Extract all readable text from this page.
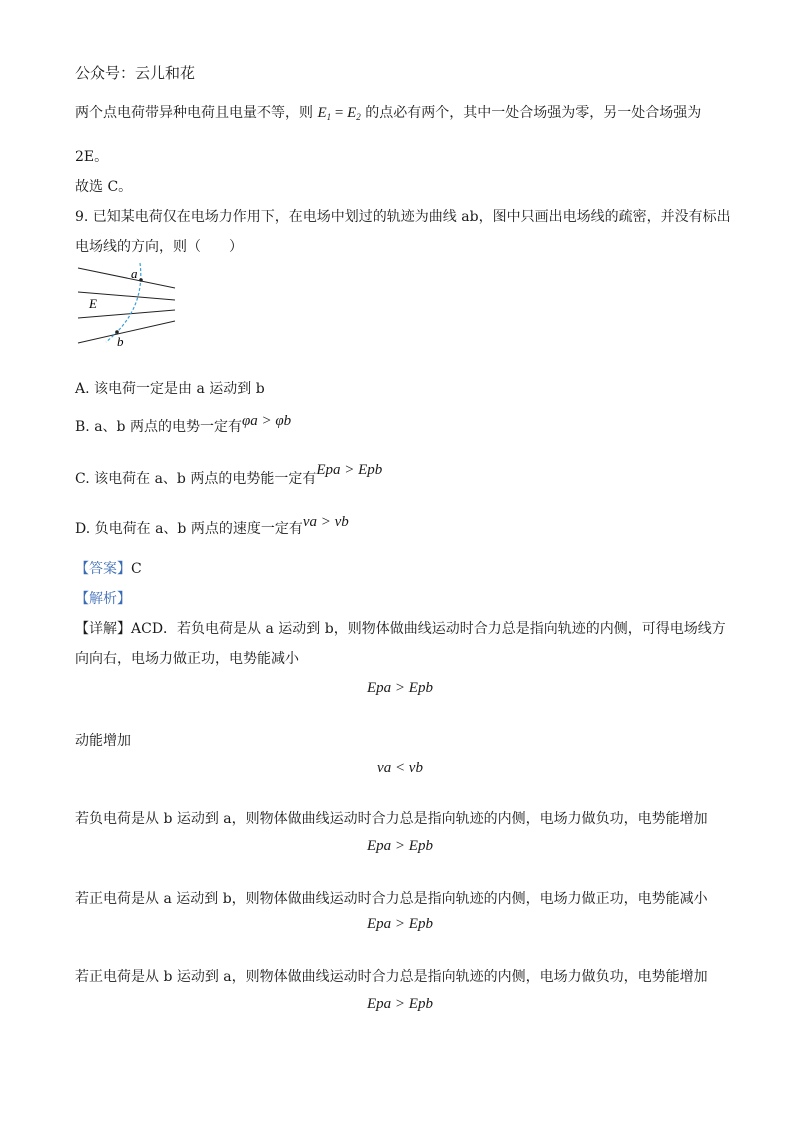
公众号：云儿和花
两个点电荷带异种电荷且电量不等，则 $E_1 = E_2$ 的点必有两个，其中一处合场强为零，另一处合场强为
2E。
故选 C。
9. 已知某电荷仅在电场力作用下，在电场中划过的轨迹为曲线 ab，图中只画出电场线的疏密，并没有标出
电场线的方向，则（　　）
a
E
b
A. 该电荷一定是由 a 运动到 b
B. a、b 两点的电势一定有φa > φb
C. 该电荷在 a、b 两点的电势能一定有Epa > Epb
D. 负电荷在 a、b 两点的速度一定有va > vb
【答案】C
【解析】
【详解】ACD．若负电荷是从 a 运动到 b，则物体做曲线运动时合力总是指向轨迹的内侧，可得电场线方
向向右，电场力做正功，电势能减小
Epa > Epb
动能增加
va < vb
若负电荷是从 b 运动到 a，则物体做曲线运动时合力总是指向轨迹的内侧，电场力做负功，电势能增加
Epa > Epb
若正电荷是从 a 运动到 b，则物体做曲线运动时合力总是指向轨迹的内侧，电场力做正功，电势能减小
Epa > Epb
若正电荷是从 b 运动到 a，则物体做曲线运动时合力总是指向轨迹的内侧，电场力做负功，电势能增加
Epa > Epb
